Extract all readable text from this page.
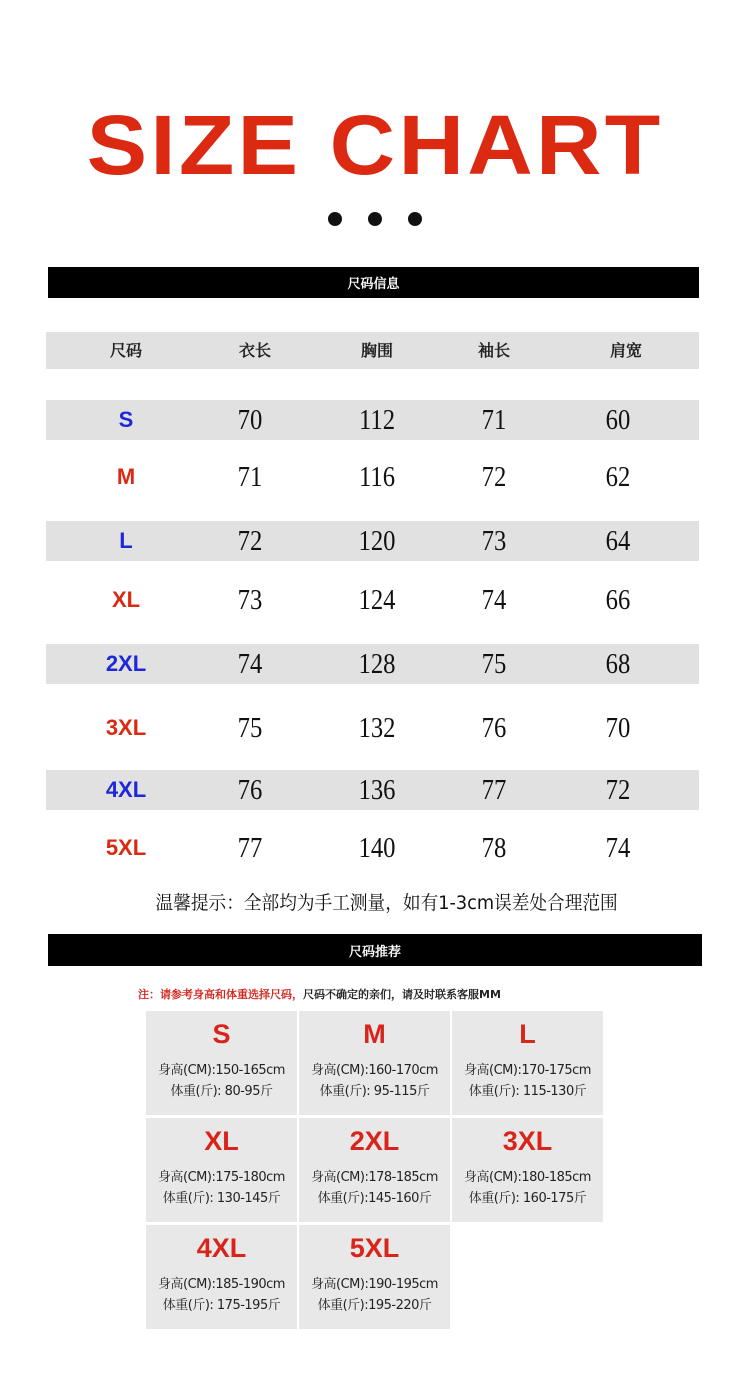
SIZE CHART
尺码信息
尺码	衣长	胸围	袖长	肩宽
S	70	112	71	60
M	71	116	72	62
L	72	120	73	64
XL	73	124	74	66
2XL	74	128	75	68
3XL	75	132	76	70
4XL	76	136	77	72
5XL	77	140	78	74
温馨提示：全部均为手工测量，如有1-3cm误差处合理范围
尺码推荐
注：请参考身高和体重选择尺码，尺码不确定的亲们，请及时联系客服MM
S
身高(CM):150-165cm
体重(斤): 80-95斤
M
身高(CM):160-170cm
体重(斤): 95-115斤
L
身高(CM):170-175cm
体重(斤): 115-130斤
XL
身高(CM):175-180cm
体重(斤): 130-145斤
2XL
身高(CM):178-185cm
体重(斤):145-160斤
3XL
身高(CM):180-185cm
体重(斤): 160-175斤
4XL
身高(CM):185-190cm
体重(斤): 175-195斤
5XL
身高(CM):190-195cm
体重(斤):195-220斤
